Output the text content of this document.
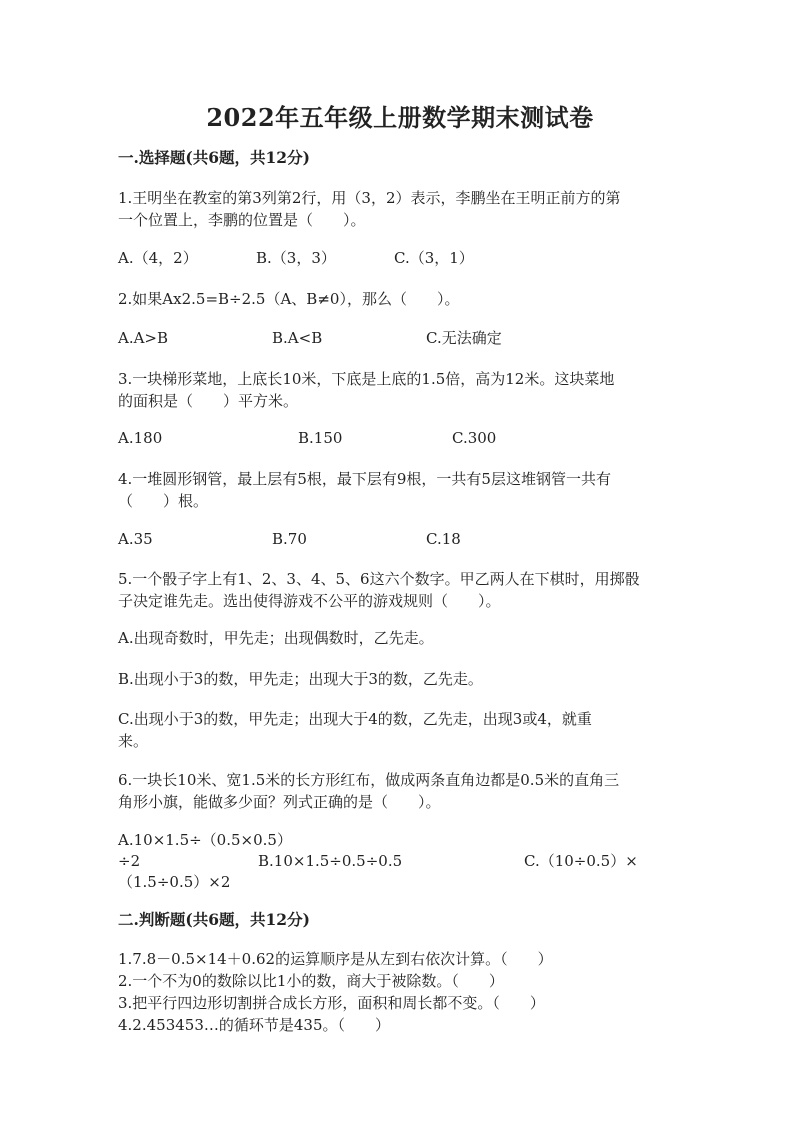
2022年五年级上册数学期末测试卷
一.选择题(共6题，共12分)
1.王明坐在教室的第3列第2行，用（3，2）表示，李鹏坐在王明正前方的第
一个位置上，李鹏的位置是（　　）。
A.（4，2）	B.（3，3）	C.（3，1）
2.如果Ax2.5=B÷2.5（A、B≠0），那么（　　）。
A.A>B	B.A<B	C.无法确定
3.一块梯形菜地，上底长10米，下底是上底的1.5倍，高为12米。这块菜地
的面积是（　　）平方米。
A.180	B.150	C.300
4.一堆圆形钢管，最上层有5根，最下层有9根，一共有5层这堆钢管一共有
（　　）根。
A.35	B.70	C.18
5.一个骰子字上有1、2、3、4、5、6这六个数字。甲乙两人在下棋时，用掷骰
子决定谁先走。选出使得游戏不公平的游戏规则（　　）。
A.出现奇数时，甲先走；出现偶数时，乙先走。
B.出现小于3的数，甲先走；出现大于3的数，乙先走。
C.出现小于3的数，甲先走；出现大于4的数，乙先走，出现3或4，就重
来。
6.一块长10米、宽1.5米的长方形红布，做成两条直角边都是0.5米的直角三
角形小旗，能做多少面？列式正确的是（　　）。
A.10×1.5÷（0.5×0.5）
÷2	B.10×1.5÷0.5÷0.5	C.（10÷0.5）×
（1.5÷0.5）×2
二.判断题(共6题，共12分)
1.7.8－0.5×14＋0.62的运算顺序是从左到右依次计算。（　　）
2.一个不为0的数除以比1小的数，商大于被除数。（　　）
3.把平行四边形切割拼合成长方形，面积和周长都不变。（　　）
4.2.453453…的循环节是435。（　　）
